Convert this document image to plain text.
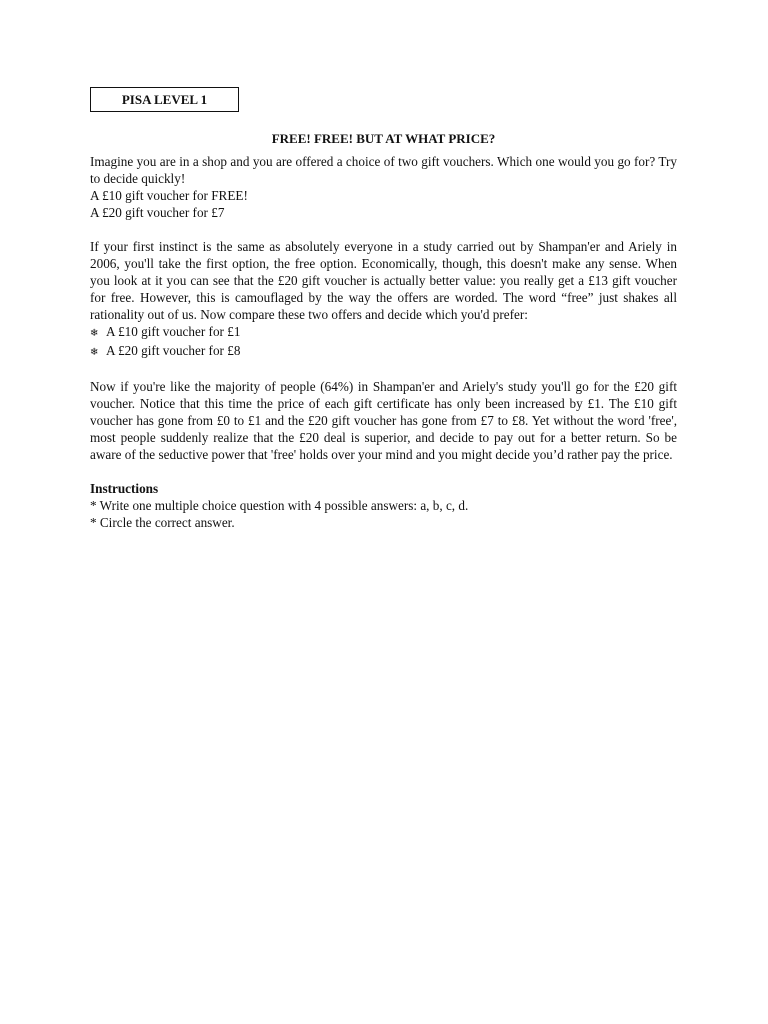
PISA LEVEL 1
FREE! FREE! BUT AT WHAT PRICE?

Imagine you are in a shop and you are offered a choice of two gift vouchers. Which one would you go for? Try to decide quickly!

A £10 gift voucher for FREE!
A £20 gift voucher for £7

If your first instinct is the same as absolutely everyone in a study carried out by Shampan'er and Ariely in 2006, you'll take the first option, the free option. Economically, though, this doesn't make any sense. When you look at it you can see that the £20 gift voucher is actually better value: you really get a £13 gift voucher for free. However, this is camouflaged by the way the offers are worded. The word “free” just shakes all rationality out of us. Now compare these two offers and decide which you'd prefer:

❄ A £10 gift voucher for £1
❄ A £20 gift voucher for £8

Now if you're like the majority of people (64%) in Shampan'er and Ariely's study you'll go for the £20 gift voucher. Notice that this time the price of each gift certificate has only been increased by £1. The £10 gift voucher has gone from £0 to £1 and the £20 gift voucher has gone from £7 to £8. Yet without the word 'free', most people suddenly realize that the £20 deal is superior, and decide to pay out for a better return. So be aware of the seductive power that 'free' holds over your mind and you might decide you’d rather pay the price.

Instructions
* Write one multiple choice question with 4 possible answers: a, b, c, d.
* Circle the correct answer.
